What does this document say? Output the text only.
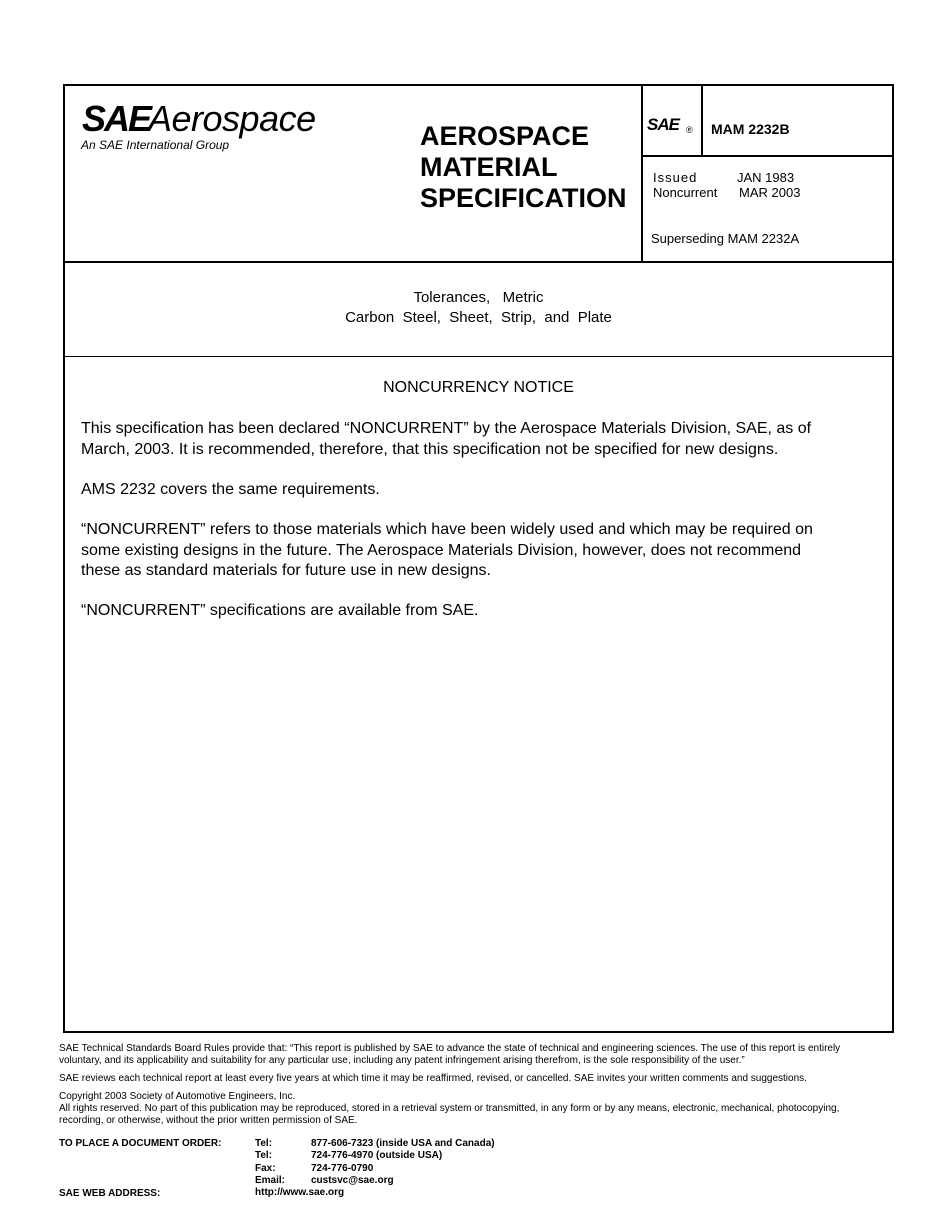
SAE
Aerospace
An SAE International Group	AEROSPACE
MATERIAL
SPECIFICATION
SAE ® MAM 2232B
Issued	JAN 1983
Noncurrent MAR 2003
Superseding MAM 2232A
Tolerances,   Metric
Carbon  Steel,  Sheet,  Strip,  and  Plate
NONCURRENCY NOTICE
This specification has been declared “NONCURRENT” by the Aerospace Materials Division, SAE, as of
March, 2003. It is recommended, therefore, that this specification not be specified for new designs.
AMS 2232 covers the same requirements.
“NONCURRENT” refers to those materials which have been widely used and which may be required on
some existing designs in the future. The Aerospace Materials Division, however, does not recommend
these as standard materials for future use in new designs.
“NONCURRENT” specifications are available from SAE.
SAE Technical Standards Board Rules provide that: “This report is published by SAE to advance the state of technical and engineering sciences. The use of this report is entirely
voluntary, and its applicability and suitability for any particular use, including any patent infringement arising therefrom, is the sole responsibility of the user.”
SAE reviews each technical report at least every five years at which time it may be reaffirmed, revised, or cancelled. SAE invites your written comments and suggestions.
Copyright 2003 Society of Automotive Engineers, Inc.
All rights reserved. No part of this publication may be reproduced, stored in a retrieval system or transmitted, in any form or by any means, electronic, mechanical, photocopying,
recording, or otherwise, without the prior written permission of SAE.
TO PLACE A DOCUMENT ORDER:
SAE WEB ADDRESS:
Tel:
Tel:
Fax:
Email:
http://www.sae.org
877-606-7323 (inside USA and Canada)
724-776-4970 (outside USA)
724-776-0790
custsvc@sae.org
